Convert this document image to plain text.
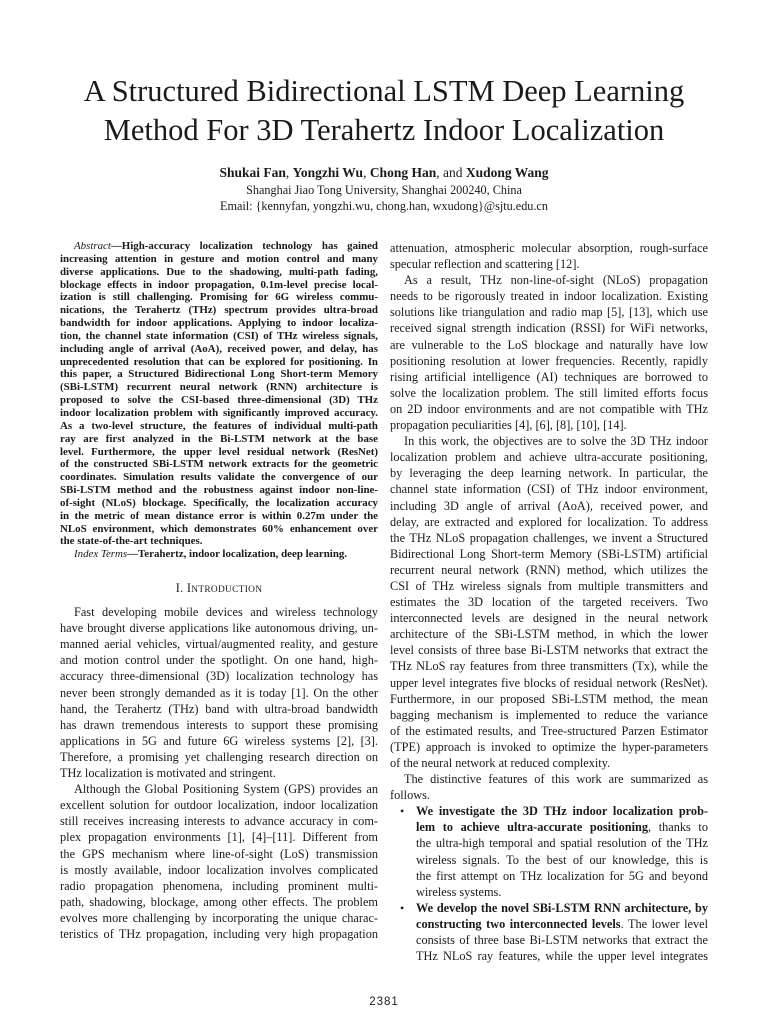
A Structured Bidirectional LSTM Deep Learning
Method For 3D Terahertz Indoor Localization
Shukai Fan, Yongzhi Wu, Chong Han, and Xudong Wang
Shanghai Jiao Tong University, Shanghai 200240, China
Email: {kennyfan, yongzhi.wu, chong.han, wxudong}@sjtu.edu.cn
Abstract—High-accuracy localization technology has gained
increasing attention in gesture and motion control and many
diverse applications. Due to the shadowing, multi-path fading,
blockage effects in indoor propagation, 0.1m-level precise local-
ization is still challenging. Promising for 6G wireless commu-
nications, the Terahertz (THz) spectrum provides ultra-broad
bandwidth for indoor applications. Applying to indoor localiza-
tion, the channel state information (CSI) of THz wireless signals,
including angle of arrival (AoA), received power, and delay, has
unprecedented resolution that can be explored for positioning. In
this paper, a Structured Bidirectional Long Short-term Memory
(SBi-LSTM) recurrent neural network (RNN) architecture is
proposed to solve the CSI-based three-dimensional (3D) THz
indoor localization problem with significantly improved accuracy.
As a two-level structure, the features of individual multi-path
ray are first analyzed in the Bi-LSTM network at the base
level. Furthermore, the upper level residual network (ResNet)
of the constructed SBi-LSTM network extracts for the geometric
coordinates. Simulation results validate the convergence of our
SBi-LSTM method and the robustness against indoor non-line-
of-sight (NLoS) blockage. Specifically, the localization accuracy
in the metric of mean distance error is within 0.27m under the
NLoS environment, which demonstrates 60% enhancement over
the state-of-the-art techniques.
Index Terms—Terahertz, indoor localization, deep learning.
I. INTRODUCTION
Fast developing mobile devices and wireless technology
have brought diverse applications like autonomous driving, un-
manned aerial vehicles, virtual/augmented reality, and gesture
and motion control under the spotlight. On one hand, high-
accuracy three-dimensional (3D) localization technology has
never been strongly demanded as it is today [1]. On the other
hand, the Terahertz (THz) band with ultra-broad bandwidth
has drawn tremendous interests to support these promising
applications in 5G and future 6G wireless systems [2], [3].
Therefore, a promising yet challenging research direction on
THz localization is motivated and stringent.
Although the Global Positioning System (GPS) provides an
excellent solution for outdoor localization, indoor localization
still receives increasing interests to advance accuracy in com-
plex propagation environments [1], [4]–[11]. Different from
the GPS mechanism where line-of-sight (LoS) transmission
is mostly available, indoor localization involves complicated
radio propagation phenomena, including prominent multi-
path, shadowing, blockage, among other effects. The problem
evolves more challenging by incorporating the unique charac-
teristics of THz propagation, including very high propagation
attenuation, atmospheric molecular absorption, rough-surface
specular reflection and scattering [12].
As a result, THz non-line-of-sight (NLoS) propagation
needs to be rigorously treated in indoor localization. Existing
solutions like triangulation and radio map [5], [13], which use
received signal strength indication (RSSI) for WiFi networks,
are vulnerable to the LoS blockage and naturally have low
positioning resolution at lower frequencies. Recently, rapidly
rising artificial intelligence (AI) techniques are borrowed to
solve the localization problem. The still limited efforts focus
on 2D indoor environments and are not compatible with THz
propagation peculiarities [4], [6], [8], [10], [14].
In this work, the objectives are to solve the 3D THz indoor
localization problem and achieve ultra-accurate positioning,
by leveraging the deep learning network. In particular, the
channel state information (CSI) of THz indoor environment,
including 3D angle of arrival (AoA), received power, and
delay, are extracted and explored for localization. To address
the THz NLoS propagation challenges, we invent a Structured
Bidirectional Long Short-term Memory (SBi-LSTM) artificial
recurrent neural network (RNN) method, which utilizes the
CSI of THz wireless signals from multiple transmitters and
estimates the 3D location of the targeted receivers. Two
interconnected levels are designed in the neural network
architecture of the SBi-LSTM method, in which the lower
level consists of three base Bi-LSTM networks that extract the
THz NLoS ray features from three transmitters (Tx), while the
upper level integrates five blocks of residual network (ResNet).
Furthermore, in our proposed SBi-LSTM method, the mean
bagging mechanism is implemented to reduce the variance
of the estimated results, and Tree-structured Parzen Estimator
(TPE) approach is invoked to optimize the hyper-parameters
of the neural network at reduced complexity.
The distinctive features of this work are summarized as
follows.
• We investigate the 3D THz indoor localization prob-
lem to achieve ultra-accurate positioning, thanks to
the ultra-high temporal and spatial resolution of the THz
wireless signals. To the best of our knowledge, this is
the first attempt on THz localization for 5G and beyond
wireless systems.
• We develop the novel SBi-LSTM RNN architecture, by
constructing two interconnected levels. The lower level
consists of three base Bi-LSTM networks that extract the
THz NLoS ray features, while the upper level integrates
2381
